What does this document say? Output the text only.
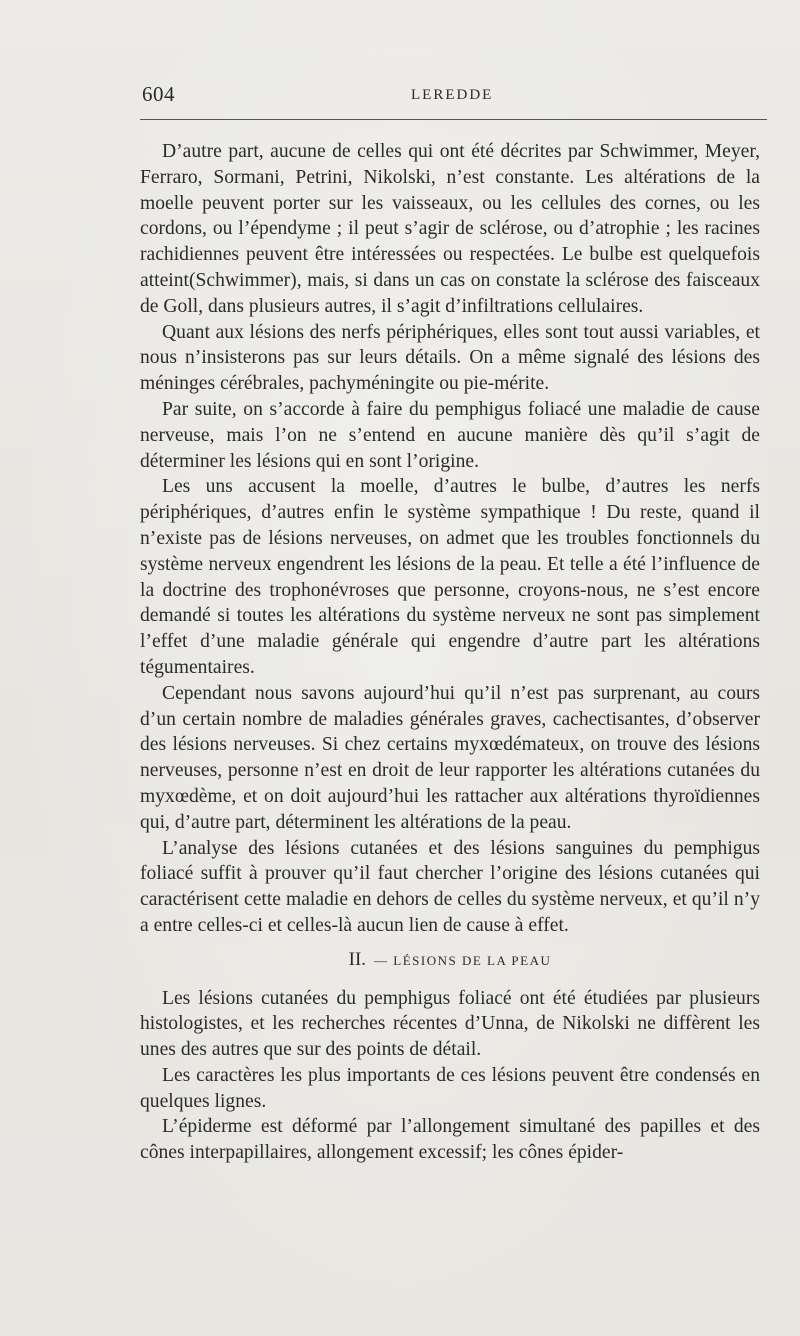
604	LEREDDE

D’autre part, aucune de celles qui ont été décrites par Schwimmer, Meyer, Ferraro, Sormani, Petrini, Nikolski, n’est constante. Les altérations de la moelle peuvent porter sur les vaisseaux, ou les cellules des cornes, ou les cordons, ou l’épendyme ; il peut s’agir de sclérose, ou d’atrophie ; les racines rachidiennes peuvent être intéressées ou respectées. Le bulbe est quelquefois atteint(Schwimmer), mais, si dans un cas on constate la sclérose des faisceaux de Goll, dans plusieurs autres, il s’agit d’infiltrations cellulaires.

Quant aux lésions des nerfs périphériques, elles sont tout aussi variables, et nous n’insisterons pas sur leurs détails. On a même signalé des lésions des méninges cérébrales, pachyméningite ou pie-mérite.

Par suite, on s’accorde à faire du pemphigus foliacé une maladie de cause nerveuse, mais l’on ne s’entend en aucune manière dès qu’il s’agit de déterminer les lésions qui en sont l’origine.

Les uns accusent la moelle, d’autres le bulbe, d’autres les nerfs périphériques, d’autres enfin le système sympathique ! Du reste, quand il n’existe pas de lésions nerveuses, on admet que les troubles fonctionnels du système nerveux engendrent les lésions de la peau. Et telle a été l’influence de la doctrine des trophonévroses que personne, croyons-nous, ne s’est encore demandé si toutes les altérations du système nerveux ne sont pas simplement l’effet d’une maladie générale qui engendre d’autre part les altérations tégumentaires.

Cependant nous savons aujourd’hui qu’il n’est pas surprenant, au cours d’un certain nombre de maladies générales graves, cachectisantes, d’observer des lésions nerveuses. Si chez certains myxœdémateux, on trouve des lésions nerveuses, personne n’est en droit de leur rapporter les altérations cutanées du myxœdème, et on doit aujourd’hui les rattacher aux altérations thyroïdiennes qui, d’autre part, déterminent les altérations de la peau.

L’analyse des lésions cutanées et des lésions sanguines du pemphigus foliacé suffit à prouver qu’il faut chercher l’origine des lésions cutanées qui caractérisent cette maladie en dehors de celles du système nerveux, et qu’il n’y a entre celles-ci et celles-là aucun lien de cause à effet.

II. — LÉSIONS DE LA PEAU

Les lésions cutanées du pemphigus foliacé ont été étudiées par plusieurs histologistes, et les recherches récentes d’Unna, de Nikolski ne diffèrent les unes des autres que sur des points de détail.

Les caractères les plus importants de ces lésions peuvent être condensés en quelques lignes.

L’épiderme est déformé par l’allongement simultané des papilles et des cônes interpapillaires, allongement excessif; les cônes épider-
